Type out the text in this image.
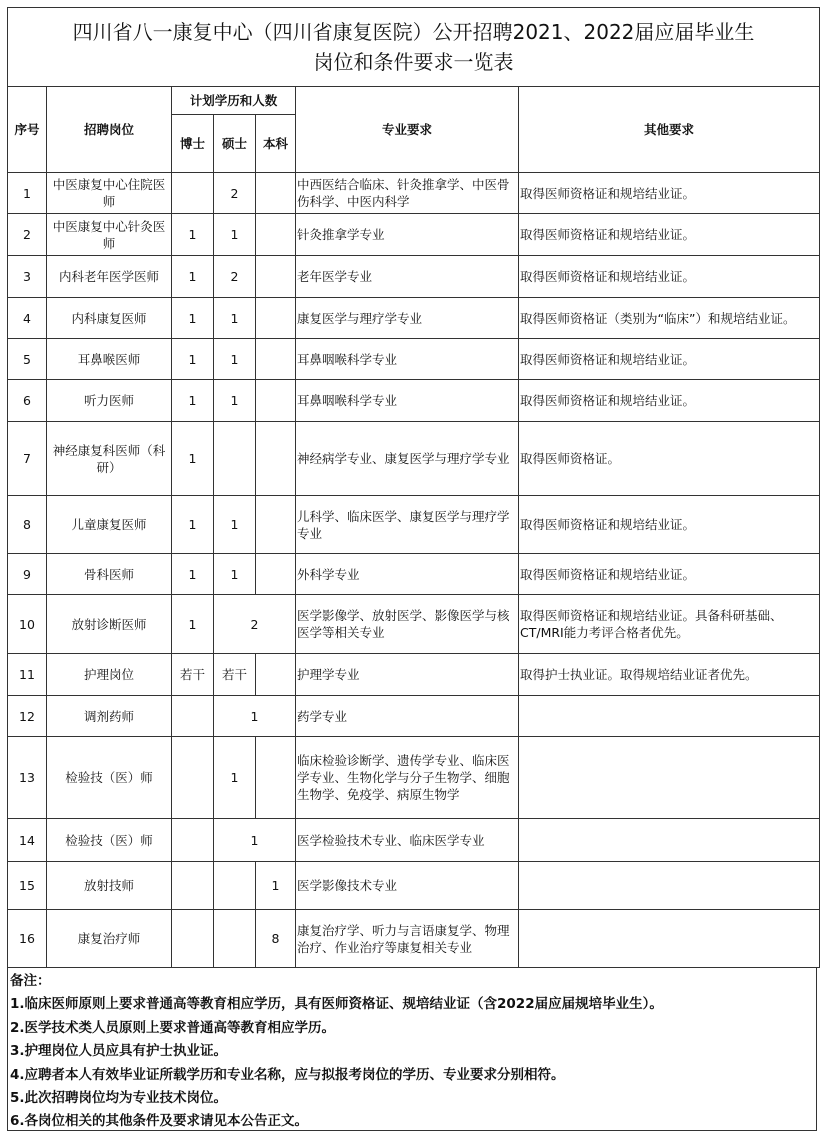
四川省八一康复中心（四川省康复医院）公开招聘2021、2022届应届毕业生
岗位和条件要求一览表						

序号	招聘岗位	计划学历和人数			专业要求	其他要求
		博士	硕士	本科		
1	中医康复中心住院医师		2		中西医结合临床、针灸推拿学、中医骨伤科学、中医内科学	取得医师资格证和规培结业证。
2	中医康复中心针灸医师	1	1		针灸推拿学专业	取得医师资格证和规培结业证。
3	内科老年医学医师	1	2		老年医学专业	取得医师资格证和规培结业证。
4	内科康复医师	1	1		康复医学与理疗学专业	取得医师资格证（类别为“临床”）和规培结业证。
5	耳鼻喉医师	1	1		耳鼻咽喉科学专业	取得医师资格证和规培结业证。
6	听力医师	1	1		耳鼻咽喉科学专业	取得医师资格证和规培结业证。
7	神经康复科医师（科研）	1			神经病学专业、康复医学与理疗学专业	取得医师资格证。
8	儿童康复医师	1	1		儿科学、临床医学、康复医学与理疗学专业	取得医师资格证和规培结业证。
9	骨科医师	1	1		外科学专业	取得医师资格证和规培结业证。
10	放射诊断医师	1	2		医学影像学、放射医学、影像医学与核医学等相关专业	取得医师资格证和规培结业证。具备科研基础、CT/MRI能力考评合格者优先。
11	护理岗位	若干	若干		护理学专业	取得护士执业证。取得规培结业证者优先。
12	调剂药师		1		药学专业	
13	检验技（医）师		1		临床检验诊断学、遗传学专业、临床医学专业、生物化学与分子生物学、细胞生物学、免疫学、病原生物学	
14	检验技（医）师		1		医学检验技术专业、临床医学专业	
15	放射技师			1	医学影像技术专业	
16	康复治疗师			8	康复治疗学、听力与言语康复学、物理治疗、作业治疗等康复相关专业	
备注：
1.临床医师原则上要求普通高等教育相应学历，具有医师资格证、规培结业证（含2022届应届规培毕业生）。
2.医学技术类人员原则上要求普通高等教育相应学历。
3.护理岗位人员应具有护士执业证。
4.应聘者本人有效毕业证所载学历和专业名称，应与拟报考岗位的学历、专业要求分别相符。
5.此次招聘岗位均为专业技术岗位。
6.各岗位相关的其他条件及要求请见本公告正文。
